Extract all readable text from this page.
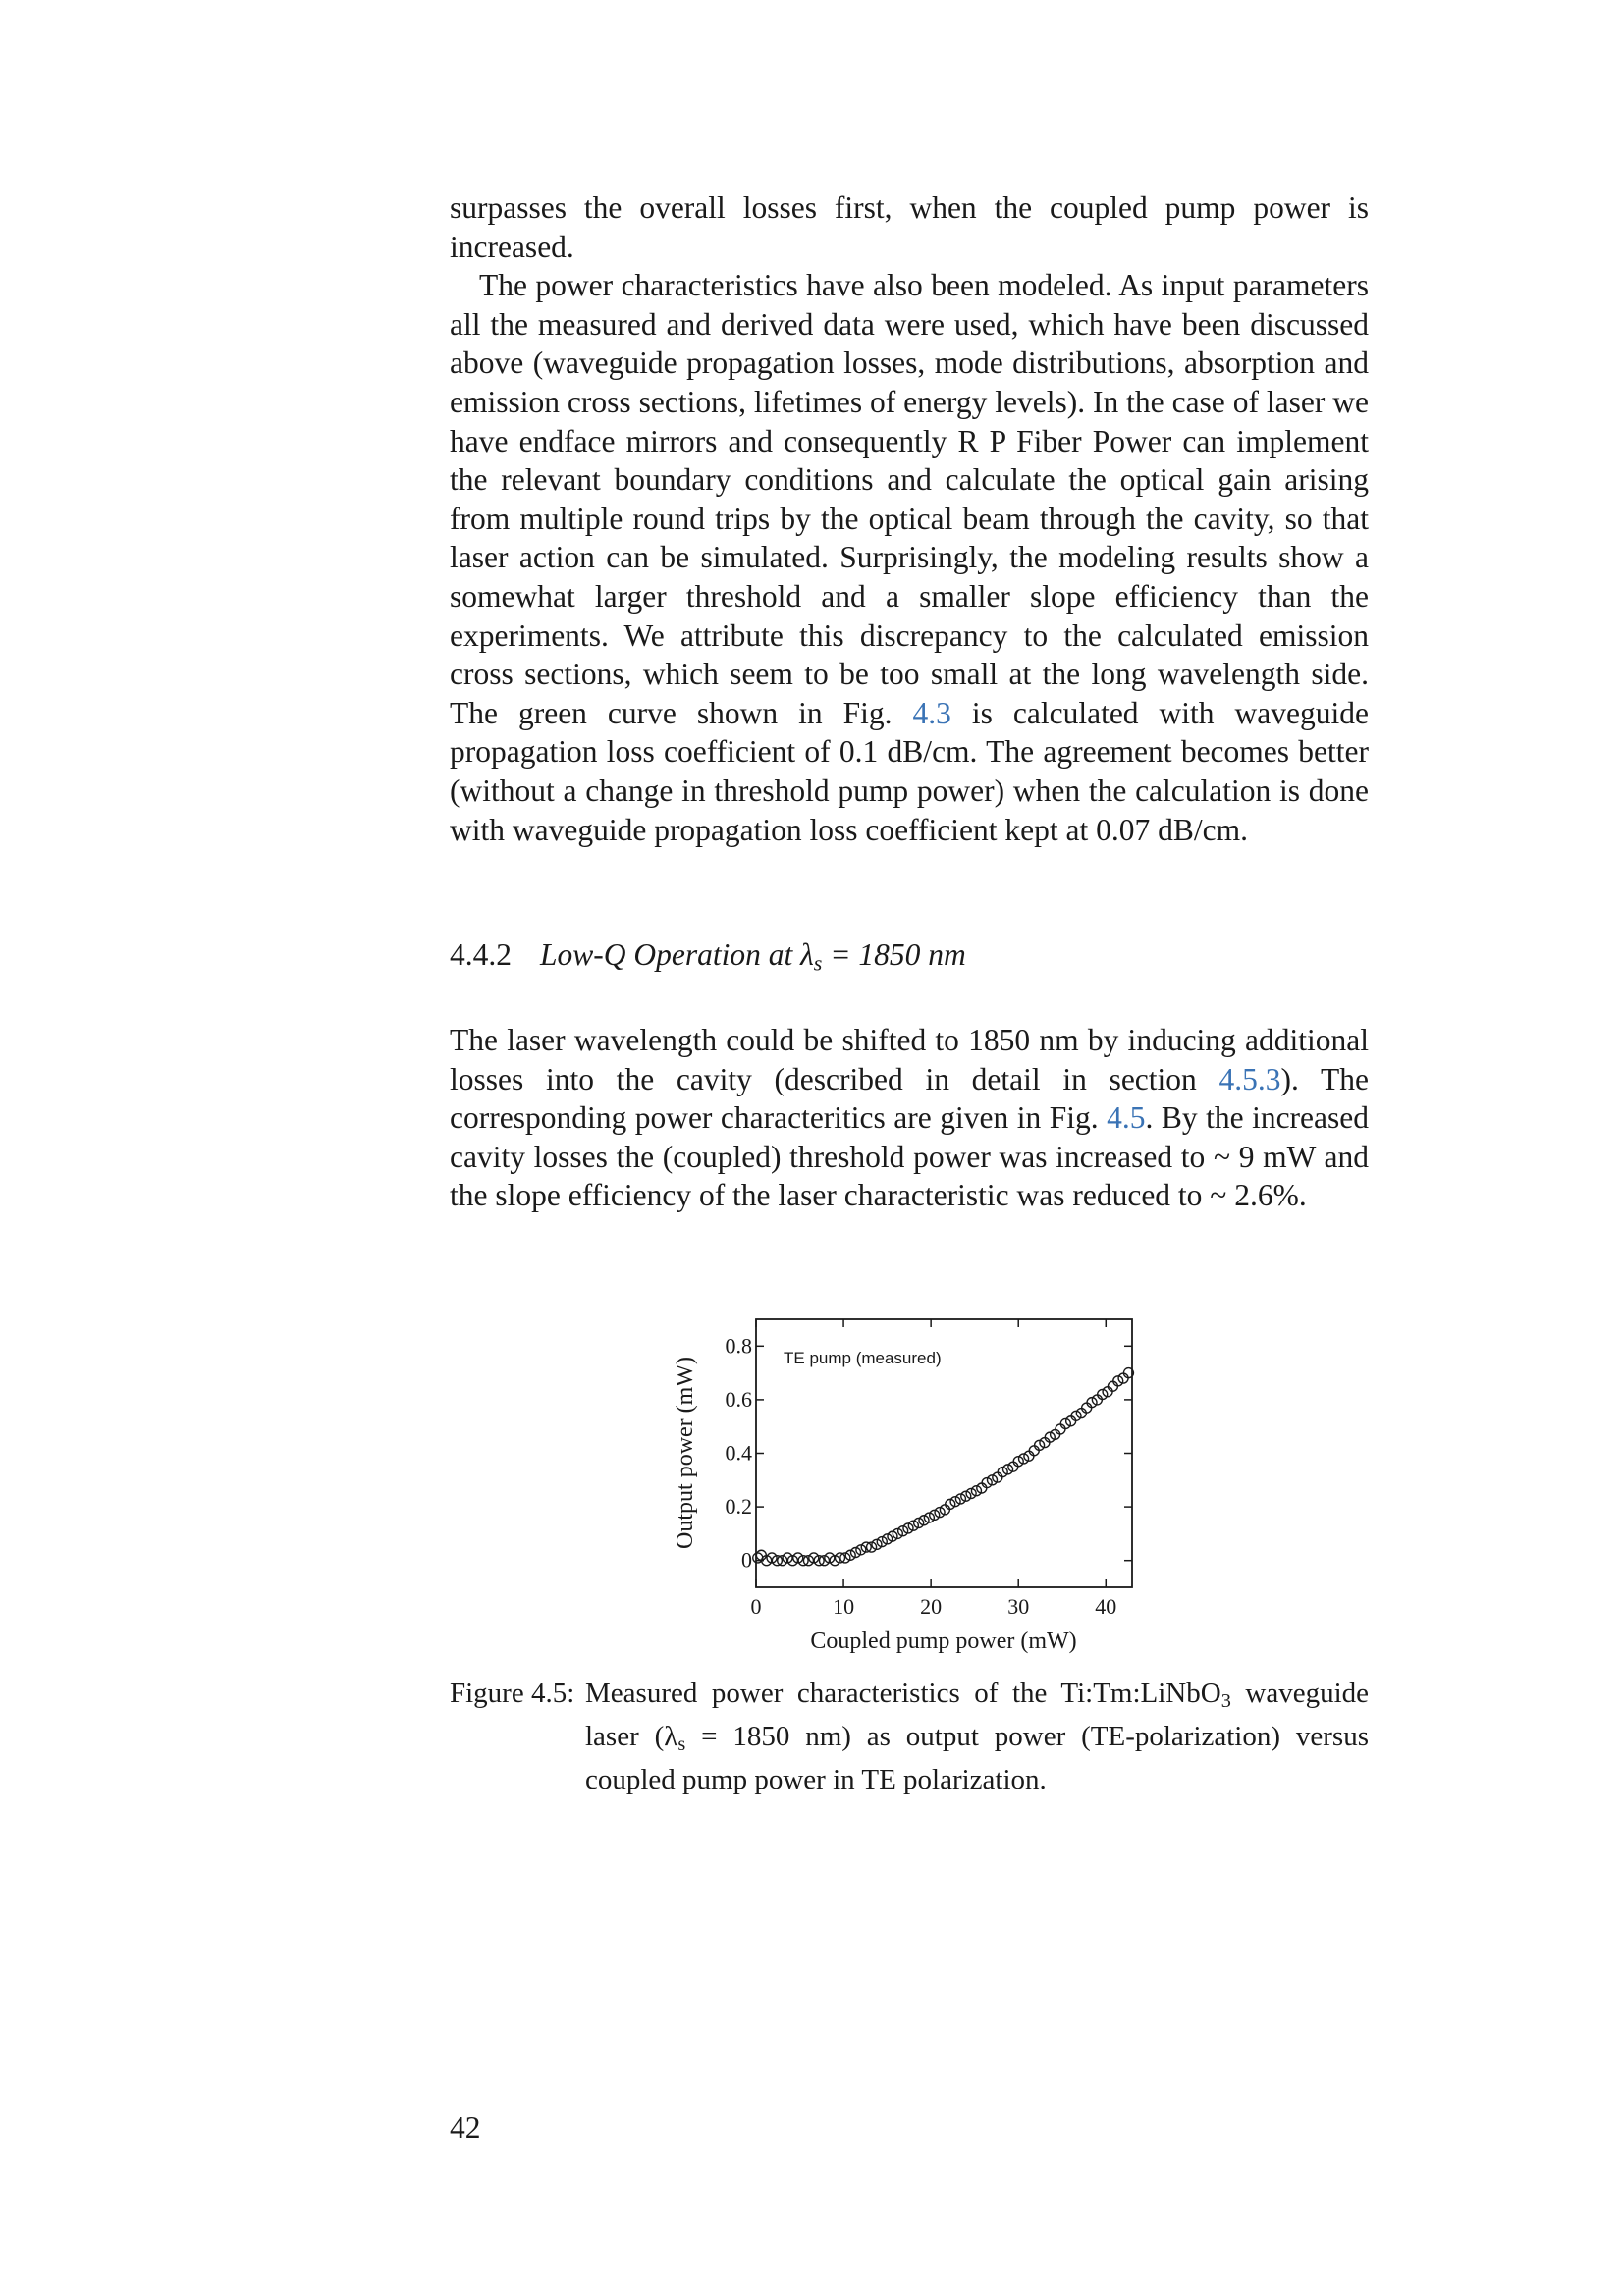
surpasses the overall losses first, when the coupled pump power is increased.

The power characteristics have also been modeled. As input parameters all the measured and derived data were used, which have been discussed above (waveguide propagation losses, mode distributions, absorption and emission cross sections, lifetimes of energy levels). In the case of laser we have endface mirrors and consequently R P Fiber Power can implement the relevant boundary conditions and calculate the optical gain arising from multiple round trips by the optical beam through the cavity, so that laser action can be simulated. Surprisingly, the modeling results show a somewhat larger threshold and a smaller slope efficiency than the experiments. We attribute this discrepancy to the calculated emission cross sections, which seem to be too small at the long wavelength side. The green curve shown in Fig. 4.3 is calculated with waveguide propagation loss coefficient of 0.1 dB/cm. The agreement becomes better (without a change in threshold pump power) when the calculation is done with waveguide propagation loss coefficient kept at 0.07 dB/cm.

4.4.2 Low-Q Operation at $\lambda_s = 1850$ nm

The laser wavelength could be shifted to 1850 nm by inducing additional losses into the cavity (described in detail in section 4.5.3). The corresponding power characteritics are given in Fig. 4.5. By the increased cavity losses the (coupled) threshold power was increased to ~ 9 mW and the slope efficiency of the laser characteristic was reduced to ~ 2.6%.

0	10	20	30	40
0
0.2
0.4
0.6
0.8
TE pump (measured)
Coupled pump power (mW)
Output power (mW)
Figure 4.5: Measured power characteristics of the Ti:Tm:LiNbO$_3$ waveguide laser ($\lambda_s = 1850$ nm) as output power (TE-polarization) versus coupled pump power in TE polarization.
42
